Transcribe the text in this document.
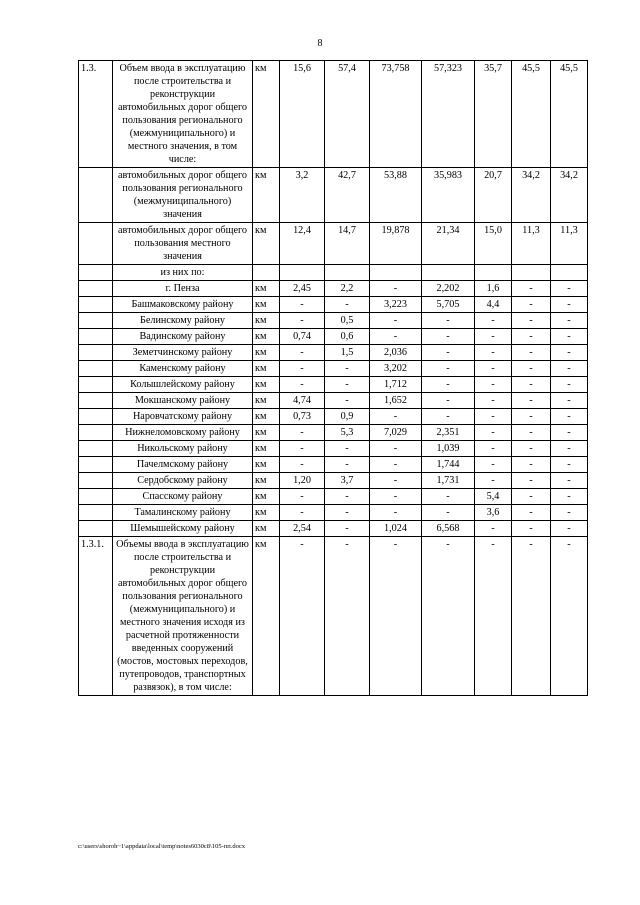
8
1.3.	Объем ввода в эксплуатацию после строительства и реконструкции автомобильных дорог общего пользования регионального (межмуниципального) и местного значения, в том числе:	км	15,6	57,4	73,758	57,323	35,7	45,5	45,5
	автомобильных дорог общего пользования регионального (межмуниципального) значения	км	3,2	42,7	53,88	35,983	20,7	34,2	34,2
	автомобильных дорог общего пользования местного значения	км	12,4	14,7	19,878	21,34	15,0	11,3	11,3
	из них по:								
	г. Пенза	км	2,45	2,2	-	2,202	1,6	-	-
	Башмаковскому району	км	-	-	3,223	5,705	4,4	-	-
	Белинскому району	км	-	0,5	-	-	-	-	-
	Вадинскому району	км	0,74	0,6	-	-	-	-	-
	Земетчинскому району	км	-	1,5	2,036	-	-	-	-
	Каменскому району	км	-	-	3,202	-	-	-	-
	Колышлейскому району	км	-	-	1,712	-	-	-	-
	Мокшанскому району	км	4,74	-	1,652	-	-	-	-
	Наровчатскому району	км	0,73	0,9	-	-	-	-	-
	Нижнеломовскому району	км	-	5,3	7,029	2,351	-	-	-
	Никольскому району	км	-	-	-	1,039	-	-	-
	Пачелмскому району	км	-	-	-	1,744	-	-	-
	Сердобскому району	км	1,20	3,7	-	1,731	-	-	-
	Спасскому району	км	-	-	-	-	5,4	-	-
	Тамалинскому району	км	-	-	-	-	3,6	-	-
	Шемышейскому району	км	2,54	-	1,024	6,568	-	-	-
1.3.1.	Объемы ввода в эксплуатацию после строительства и реконструкции автомобильных дорог общего пользования регионального (межмуниципального) и местного значения исходя из расчетной протяженности введенных сооружений (мостов, мостовых переходов, путепроводов, транспортных развязок), в том числе:	км	-	-	-	-	-	-	-
c:\users\shoroh~1\appdata\local\temp\notes6030c8\105-пп.docx
